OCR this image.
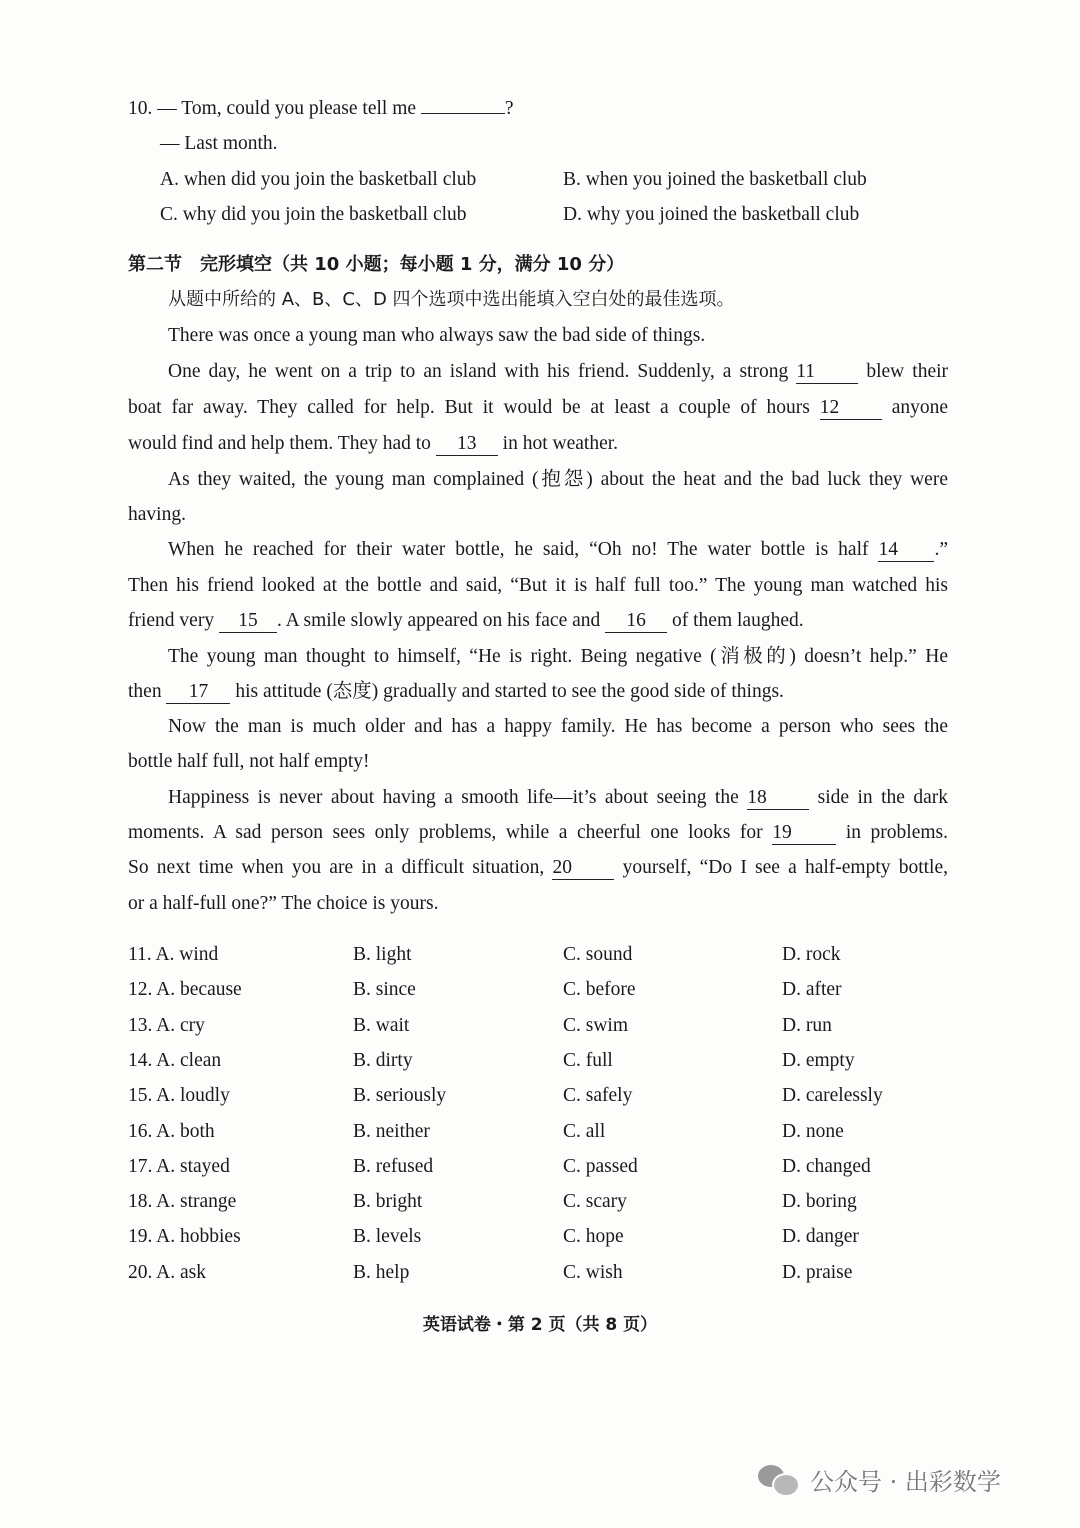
10. — Tom, could you please tell me	?
— Last month.
A. when did you join the basketball club	B. when you joined the basketball club
C. why did you join the basketball club	D. why you joined the basketball club
第二节　完形填空（共 10 小题；每小题 1 分，满分 10 分）
从题中所给的 A、B、C、D 四个选项中选出能填入空白处的最佳选项。
There was once a young man who always saw the bad side of things.
One day, he went on a trip to an island with his friend. Suddenly, a strong 11	blew their
boat far away. They called for help. But it would be at least a couple of hours 12	anyone
would find and help them. They had to 13 in hot weather.
As they waited, the young man complained (抱怨) about the heat and the bad luck they were
having.
When he reached for their water bottle, he said, “Oh no! The water bottle is half 14 .”
Then his friend looked at the bottle and said, “But it is half full too.” The young man watched his
friend very 15 . A smile slowly appeared on his face and 16 of them laughed.
The young man thought to himself, “He is right. Being negative (消极的) doesn’t help.” He
then 17 his attitude (态度) gradually and started to see the good side of things.
Now the man is much older and has a happy family. He has become a person who sees the
bottle half full, not half empty!
Happiness is never about having a smooth life—it’s about seeing the 18	side in the dark
moments. A sad person sees only problems, while a cheerful one looks for 19	in problems.
So next time when you are in a difficult situation, 20	yourself, “Do I see a half-empty bottle,
or a half-full one?” The choice is yours.
11. A. wind	B. light	C. sound	D. rock
12. A. because	B. since	C. before	D. after
13. A. cry	B. wait	C. swim	D. run
14. A. clean	B. dirty	C. full	D. empty
15. A. loudly	B. seriously	C. safely	D. carelessly
16. A. both	B. neither	C. all	D. none
17. A. stayed	B. refused	C. passed	D. changed
18. A. strange	B. bright	C. scary	D. boring
19. A. hobbies	B. levels	C. hope	D. danger
20. A. ask	B. help	C. wish	D. praise
英语试卷・第 2 页（共 8 页）
公众号 · 出彩数学
